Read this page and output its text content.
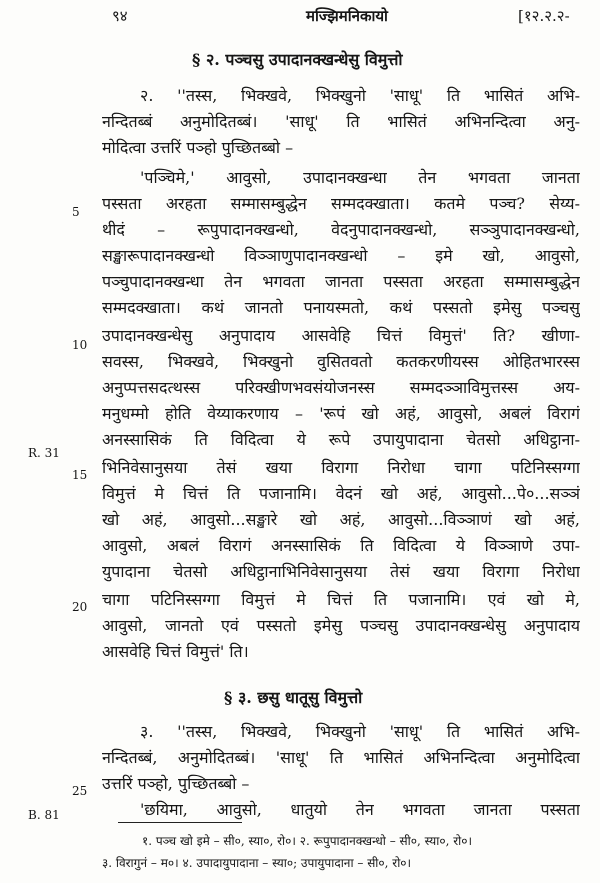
९४	मज्झिमनिकायो	[१२.२.२-
§ २. पञ्चसु उपादानक्खन्धेसु विमुत्तो
२. ''तस्स, भिक्खवे, भिक्खुनो 'साधू' ति भासितं अभि-
नन्दितब्बं अनुमोदितब्बं। 'साधू' ति भासितं अभिनन्दित्वा अनु-
मोदित्वा उत्तरिं पञ्हो पुच्छितब्बो –
'पञ्चिमे,' आवुसो, उपादानक्खन्धा तेन भगवता जानता
पस्सता अरहता सम्मासम्बुद्धेन सम्मदक्खाता। कतमे पञ्च? सेय्य-
थीदं – रूपुपादानक्खन्धो, वेदनुपादानक्खन्धो, सञ्ञुपादानक्खन्धो,
सङ्खारूपादानक्खन्धो विञ्ञाणुपादानक्खन्धो – इमे खो, आवुसो,
पञ्चुपादानक्खन्धा तेन भगवता जानता पस्सता अरहता सम्मासम्बुद्धेन
सम्मदक्खाता। कथं जानतो पनायस्मतो, कथं पस्सतो इमेसु पञ्चसु
उपादानक्खन्धेसु अनुपादाय आसवेहि चित्तं विमुत्तं' ति? खीणा-
सवस्स, भिक्खवे, भिक्खुनो वुसितवतो कतकरणीयस्स ओहितभारस्स
अनुप्पत्तसदत्थस्स परिक्खीणभवसंयोजनस्स सम्मदञ्ञाविमुत्तस्स अय-
मनुधम्मो होति वेय्याकरणाय – 'रूपं खो अहं, आवुसो, अबलं विरागं
अनस्सासिकं ति विदित्वा ये रूपे उपायुपादाना चेतसो अधिट्ठाना-
भिनिवेसानुसया तेसं खया विरागा निरोधा चागा पटिनिस्सग्गा
विमुत्तं मे चित्तं ति पजानामि। वेदनं खो अहं, आवुसो...पे०...सञ्ञं
खो अहं, आवुसो...सङ्खारे खो अहं, आवुसो...विञ्ञाणं खो अहं,
आवुसो, अबलं विरागं अनस्सासिकं ति विदित्वा ये विञ्ञाणे उपा-
युपादाना चेतसो अधिट्ठानाभिनिवेसानुसया तेसं खया विरागा निरोधा
चागा पटिनिस्सग्गा विमुत्तं मे चित्तं ति पजानामि। एवं खो मे,
आवुसो, जानतो एवं पस्सतो इमेसु पञ्चसु उपादानक्खन्धेसु अनुपादाय
आसवेहि चित्तं विमुत्तं' ति।
§ ३. छसु धातूसु विमुत्तो
३. ''तस्स, भिक्खवे, भिक्खुनो 'साधू' ति भासितं अभि-
नन्दितब्बं, अनुमोदितब्बं। 'साधू' ति भासितं अभिनन्दित्वा अनुमोदित्वा
उत्तरिं पञ्हो, पुच्छितब्बो –
'छयिमा, आवुसो, धातुयो तेन भगवता जानता पस्सता
5
10
15
20
25
R. 31
B. 81
१. पञ्च खो इमे – सी०, स्या०, रो०। २. रूपुपादानक्खन्धो – सी०, स्या०, रो०।
३. विरागुनं – म०। ४. उपादायुपादाना – स्या०; उपायुपादाना – सी०, रो०।
